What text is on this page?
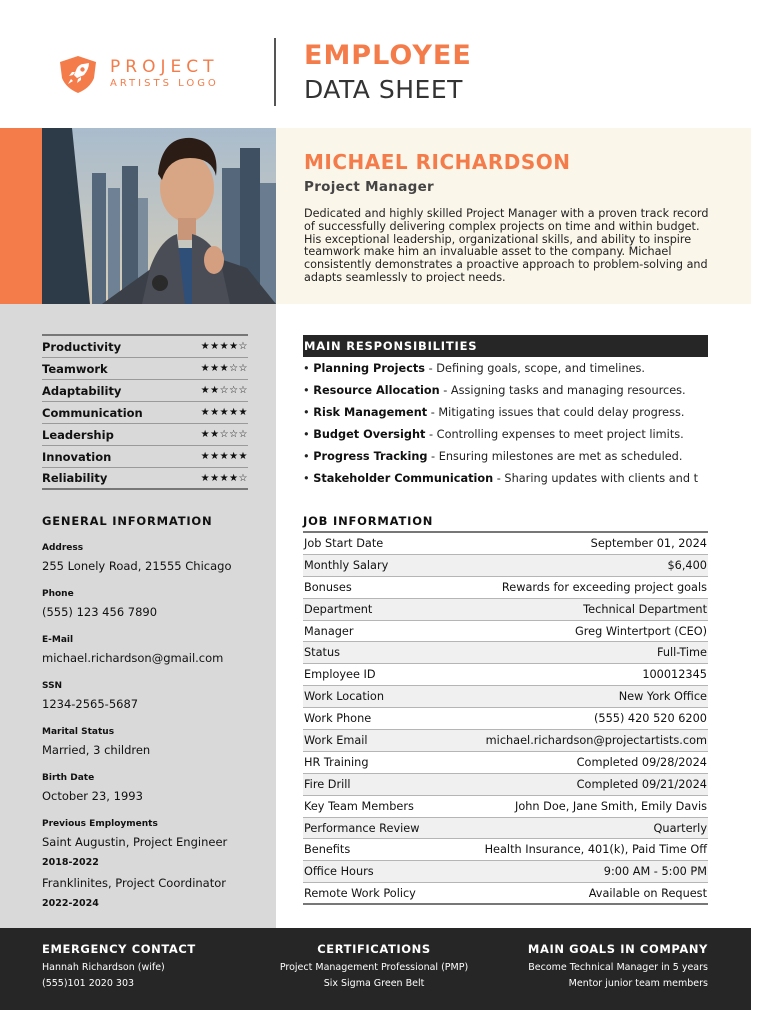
PROJECT
ARTISTS LOGO
EMPLOYEE
DATA SHEET
MICHAEL RICHARDSON
Project Manager
Dedicated and highly skilled Project Manager with a proven track record of successfully delivering complex projects on time and within budget. His exceptional leadership, organizational skills, and ability to inspire teamwork make him an invaluable asset to the company. Michael consistently demonstrates a proactive approach to problem-solving and adapts seamlessly to project needs.
Productivity	★★★★☆
Teamwork	★★★☆☆
Adaptability	★★☆☆☆
Communication	★★★★★
Leadership	★★☆☆☆
Innovation	★★★★★
Reliability	★★★★☆
GENERAL INFORMATION
Address
255 Lonely Road, 21555 Chicago
Phone
(555) 123 456 7890
E-Mail
michael.richardson@gmail.com
SSN
1234-2565-5687
Marital Status
Married, 3 children
Birth Date
October 23, 1993
Previous Employments
Saint Augustin, Project Engineer
2018-2022
Franklinites, Project Coordinator
2022-2024
MAIN RESPONSIBILITIES
• Planning Projects - Defining goals, scope, and timelines.
• Resource Allocation - Assigning tasks and managing resources.
• Risk Management - Mitigating issues that could delay progress.
• Budget Oversight - Controlling expenses to meet project limits.
• Progress Tracking - Ensuring milestones are met as scheduled.
• Stakeholder Communication - Sharing updates with clients and t
JOB INFORMATION
Job Start Date	September 01, 2024
Monthly Salary	$6,400
Bonuses	Rewards for exceeding project goals
Department	Technical Department
Manager	Greg Wintertport (CEO)
Status	Full-Time
Employee ID	100012345
Work Location	New York Office
Work Phone	(555) 420 520 6200
Work Email	michael.richardson@projectartists.com
HR Training	Completed 09/28/2024
Fire Drill	Completed 09/21/2024
Key Team Members	John Doe, Jane Smith, Emily Davis
Performance Review	Quarterly
Benefits	Health Insurance, 401(k), Paid Time Off
Office Hours	9:00 AM - 5:00 PM
Remote Work Policy	Available on Request
EMERGENCY CONTACT
Hannah Richardson (wife)
(555)101 2020 303
CERTIFICATIONS
Project Management Professional (PMP)
Six Sigma Green Belt
MAIN GOALS IN COMPANY
Become Technical Manager in 5 years
Mentor junior team members
